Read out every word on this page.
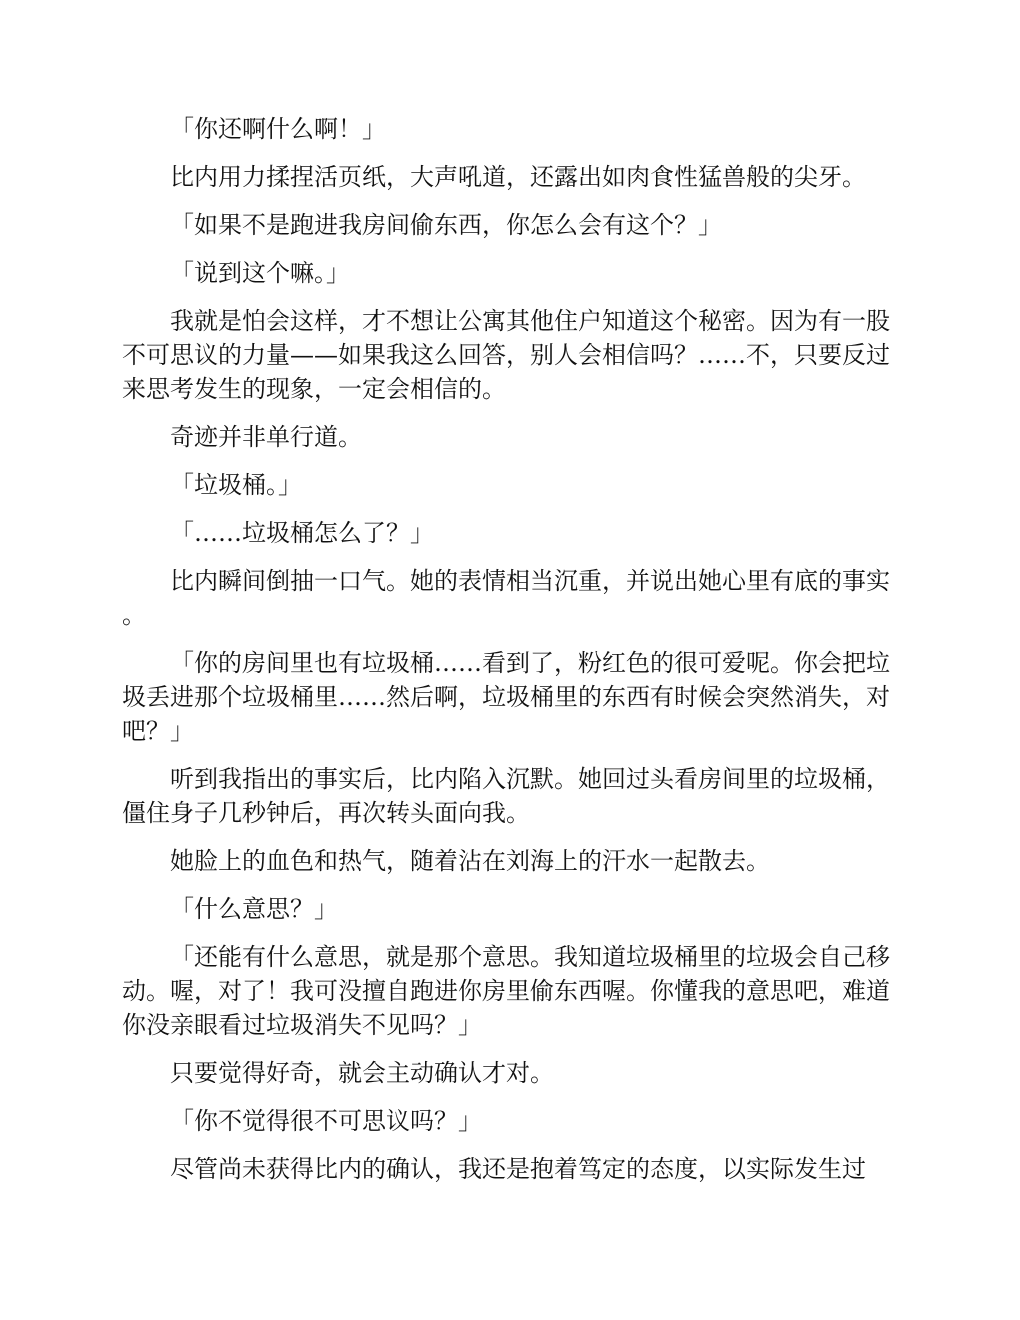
「你还啊什么啊！」

比内用力揉捏活页纸，大声吼道，还露出如肉食性猛兽般的尖牙。

「如果不是跑进我房间偷东西，你怎么会有这个？」

「说到这个嘛。」

我就是怕会这样，才不想让公寓其他住户知道这个秘密。因为有一股不可思议的力量——如果我这么回答，别人会相信吗？……不，只要反过来思考发生的现象，一定会相信的。

奇迹并非单行道。

「垃圾桶。」

「……垃圾桶怎么了？」

比内瞬间倒抽一口气。她的表情相当沉重，并说出她心里有底的事实。

「你的房间里也有垃圾桶……看到了，粉红色的很可爱呢。你会把垃圾丢进那个垃圾桶里……然后啊，垃圾桶里的东西有时候会突然消失，对吧？」

听到我指出的事实后，比内陷入沉默。她回过头看房间里的垃圾桶，僵住身子几秒钟后，再次转头面向我。

她脸上的血色和热气，随着沾在刘海上的汗水一起散去。

「什么意思？」

「还能有什么意思，就是那个意思。我知道垃圾桶里的垃圾会自己移动。喔，对了！我可没擅自跑进你房里偷东西喔。你懂我的意思吧，难道你没亲眼看过垃圾消失不见吗？」

只要觉得好奇，就会主动确认才对。

「你不觉得很不可思议吗？」

尽管尚未获得比内的确认，我还是抱着笃定的态度，以实际发生过
